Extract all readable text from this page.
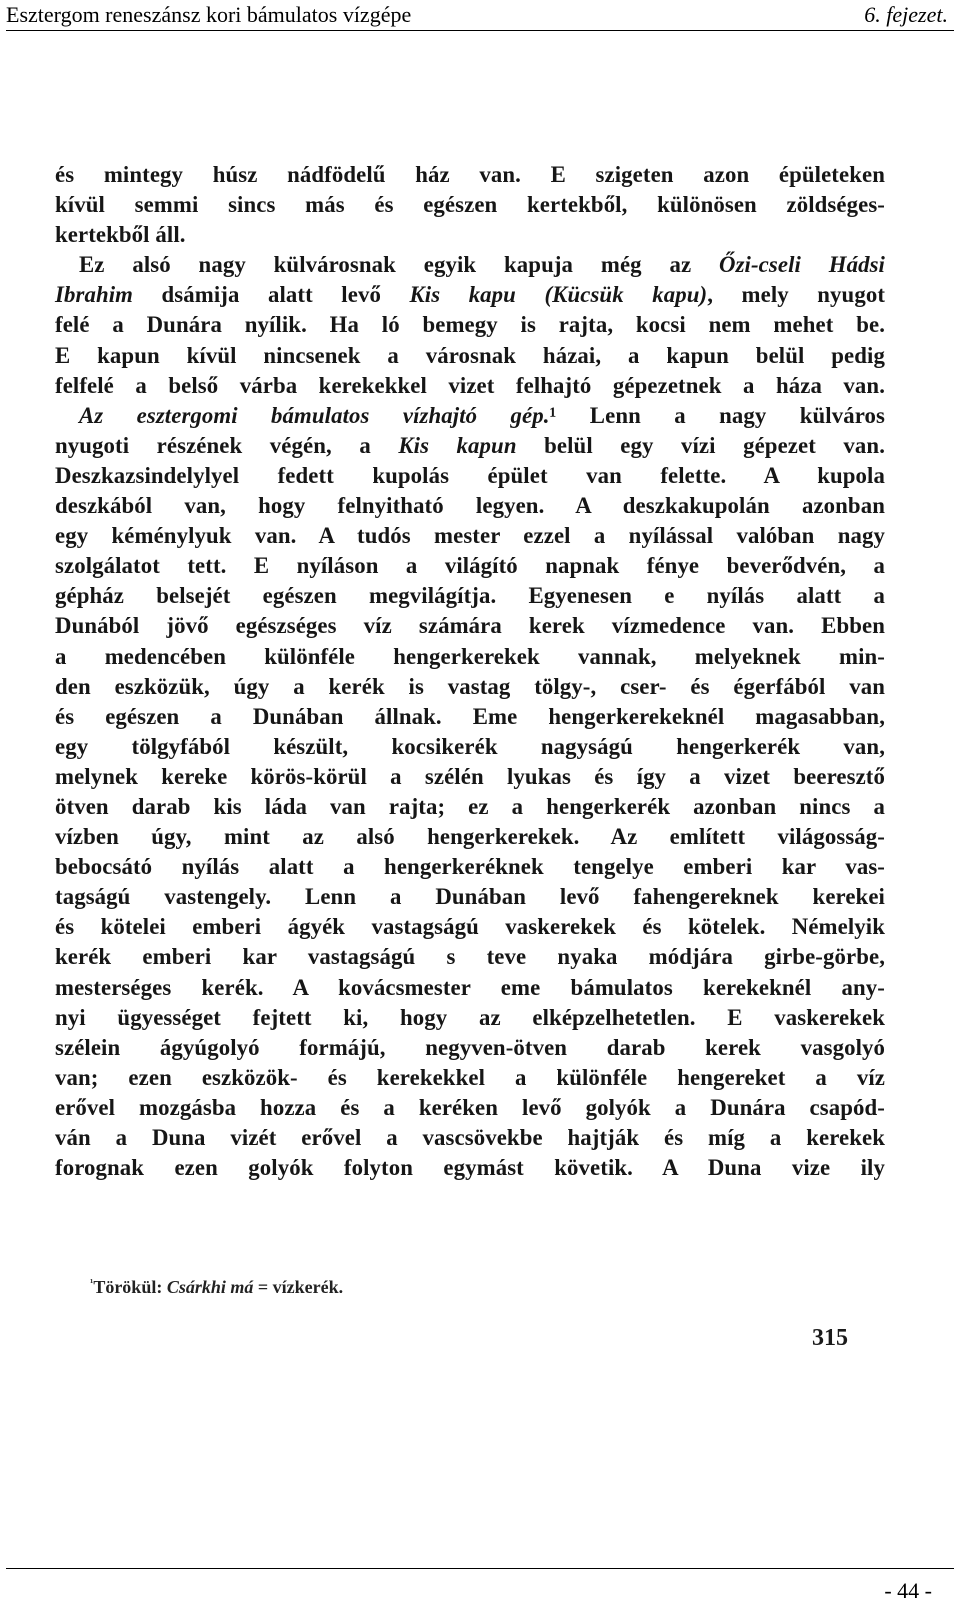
Esztergom reneszánsz kori bámulatos vízgépe	6. fejezet.
és mintegy húsz nádfödelű ház van. E szigeten azon épületeken
kívül semmi sincs más és egészen kertekből, különösen zöldséges-
kertekből áll.
Ez alsó nagy külvárosnak egyik kapuja még az Őzi-cseli Hádsi
Ibrahim dsámija alatt levő Kis kapu (Kücsük kapu), mely nyugot
felé a Dunára nyílik. Ha ló bemegy is rajta, kocsi nem mehet be.
E kapun kívül nincsenek a városnak házai, a kapun belül pedig
felfelé a belső várba kerekekkel vizet felhajtó gépezetnek a háza van.
Az esztergomi bámulatos vízhajtó gép.¹ Lenn a nagy külváros
nyugoti részének végén, a Kis kapun belül egy vízi gépezet van.
Deszkazsindelylyel fedett kupolás épület van felette. A kupola
deszkából van, hogy felnyitható legyen. A deszkakupolán azonban
egy kéménylyuk van. A tudós mester ezzel a nyílással valóban nagy
szolgálatot tett. E nyíláson a világító napnak fénye beverődvén, a
gépház belsejét egészen megvilágítja. Egyenesen e nyílás alatt a
Dunából jövő egészséges víz számára kerek vízmedence van. Ebben
a medencében különféle hengerkerekek vannak, melyeknek min-
den eszközük, úgy a kerék is vastag tölgy-, cser- és égerfából van
és egészen a Dunában állnak. Eme hengerkerekeknél magasabban,
egy tölgyfából készült, kocsikerék nagyságú hengerkerék van,
melynek kereke körös-körül a szélén lyukas és így a vizet beeresztő
ötven darab kis láda van rajta; ez a hengerkerék azonban nincs a
vízben úgy, mint az alsó hengerkerekek. Az említett világosság-
bebocsátó nyílás alatt a hengerkeréknek tengelye emberi kar vas-
tagságú vastengely. Lenn a Dunában levő fahengereknek kerekei
és kötelei emberi ágyék vastagságú vaskerekek és kötelek. Némelyik
kerék emberi kar vastagságú s teve nyaka módjára girbe-görbe,
mesterséges kerék. A kovácsmester eme bámulatos kerekeknél any-
nyi ügyességet fejtett ki, hogy az elképzelhetetlen. E vaskerekek
szélein ágyúgolyó formájú, negyven-ötven darab kerek vasgolyó
van; ezen eszközök- és kerekekkel a különféle hengereket a víz
erővel mozgásba hozza és a keréken levő golyók a Dunára csapód-
ván a Duna vizét erővel a vascsövekbe hajtják és míg a kerekek
forognak ezen golyók folyton egymást követik. A Duna vize ily
$^{^1}$Törökül: Csárkhi má = vízkerék.
315
- 44 -
